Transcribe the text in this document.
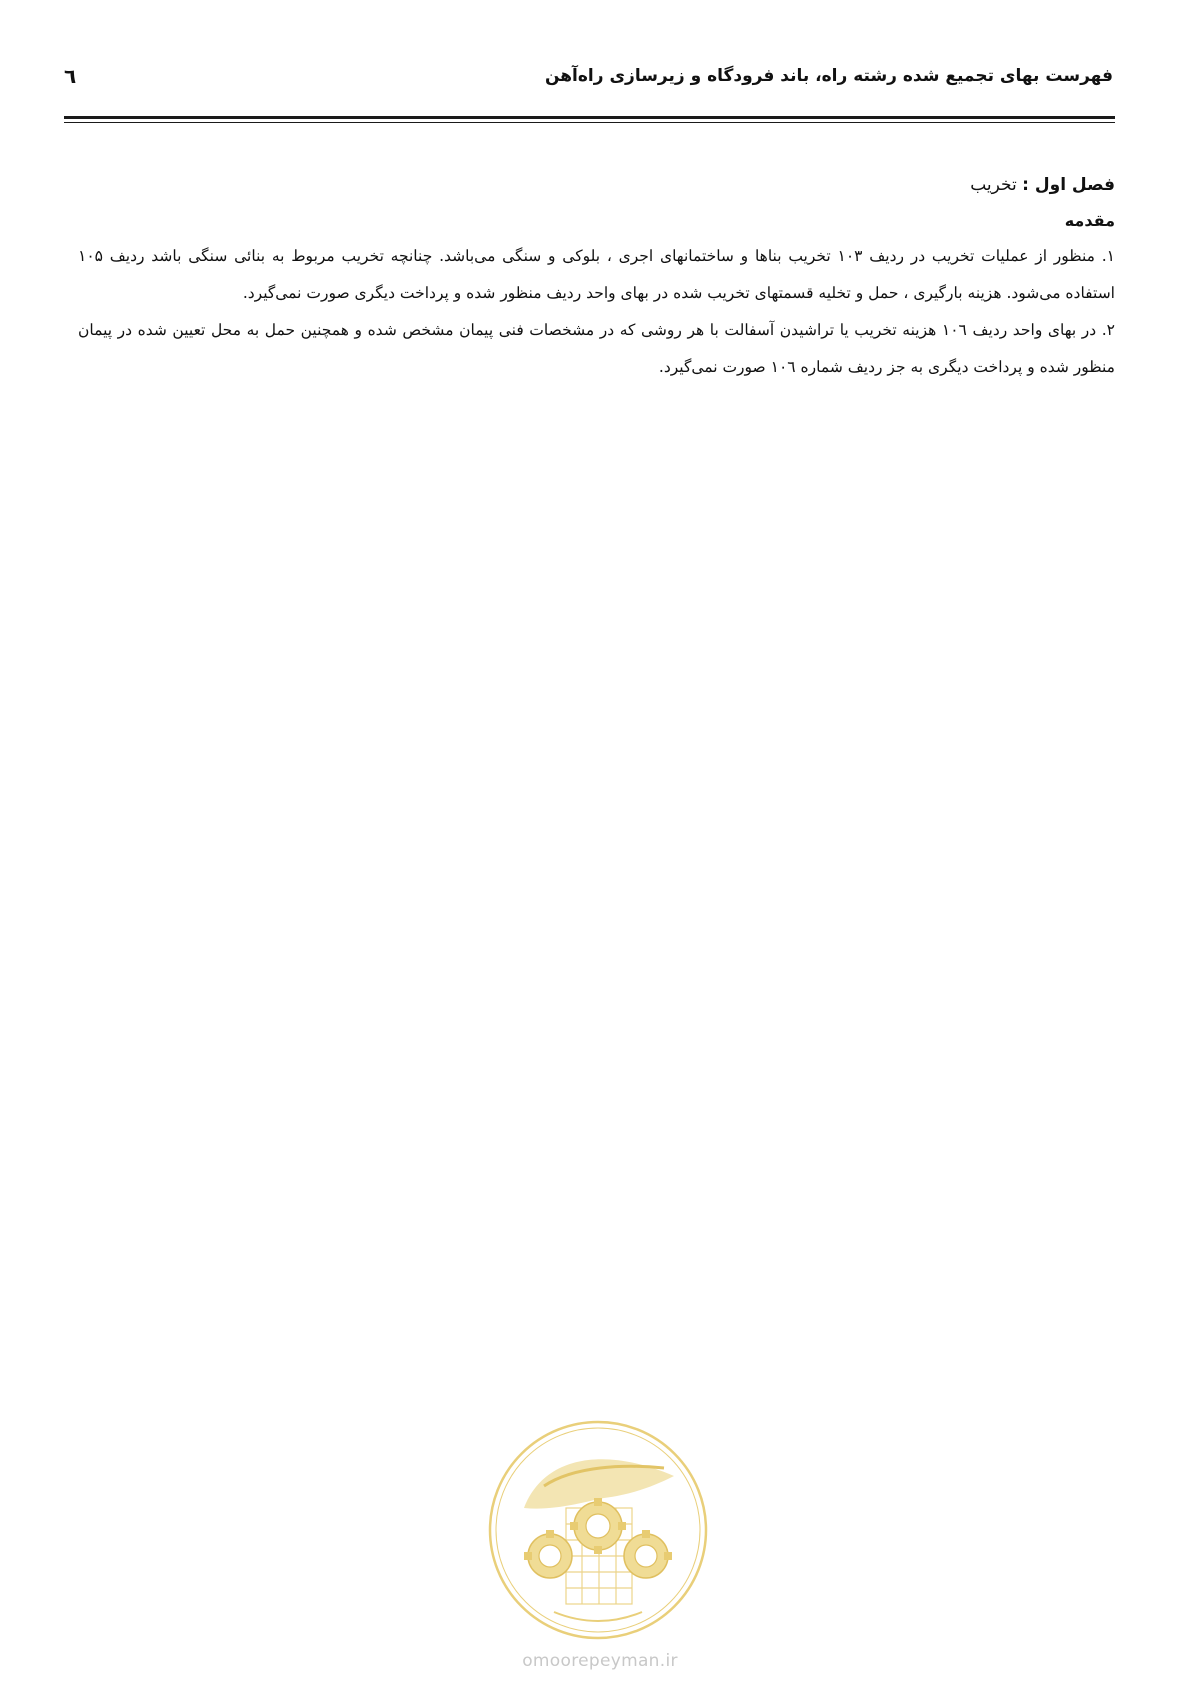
فهرست بهای تجمیع شده رشته راه، باند فرودگاه و زیرسازی راه‌آهن
٦

فصل اول : تخریب

مقدمه

۱. منظور از عملیات تخریب در ردیف ۱۰۳ تخریب بناها و ساختمانهای اجری ، بلوکی و سنگی می‌باشد. چنانچه تخریب مربوط به بنائی سنگی باشد ردیف ۱۰۵ استفاده می‌شود. هزینه بارگیری ، حمل و تخلیه قسمتهای تخریب شده در بهای واحد ردیف منظور شده و پرداخت دیگری صورت نمی‌گیرد.

۲. در بهای واحد ردیف ۱۰٦ هزینه تخریب یا تراشیدن آسفالت با هر روشی که در مشخصات فنی پیمان مشخص شده و همچنین حمل به محل تعیین شده در پیمان منظور شده و پرداخت دیگری به جز ردیف شماره ۱۰٦ صورت نمی‌گیرد.

omoorepeyman.ir
